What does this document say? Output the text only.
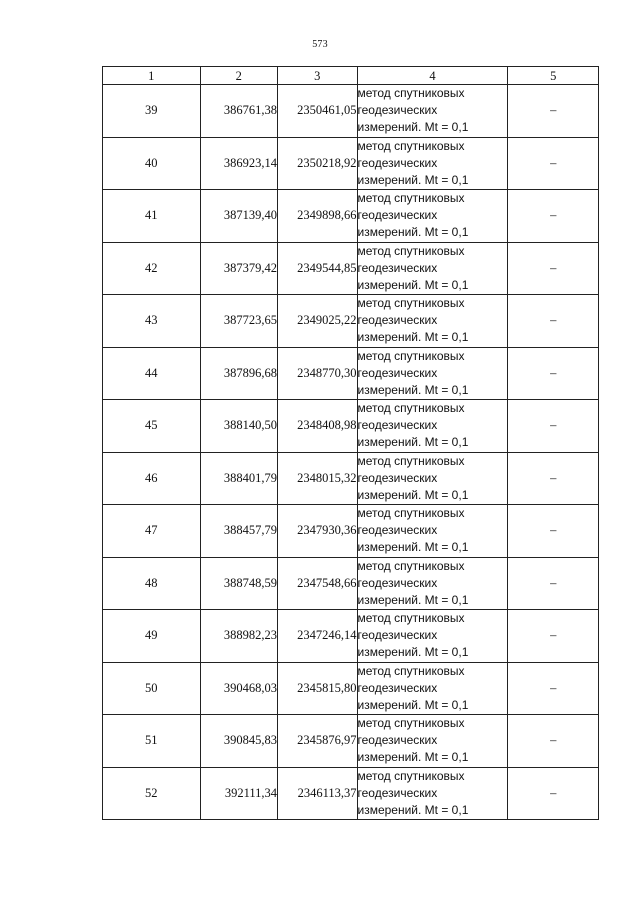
573
1	2	3	4	5
39	386761,38	2350461,05	метод спутниковых
геодезических
измерений. Mt = 0,1	–
40	386923,14	2350218,92	метод спутниковых
геодезических
измерений. Mt = 0,1	–
41	387139,40	2349898,66	метод спутниковых
геодезических
измерений. Mt = 0,1	–
42	387379,42	2349544,85	метод спутниковых
геодезических
измерений. Mt = 0,1	–
43	387723,65	2349025,22	метод спутниковых
геодезических
измерений. Mt = 0,1	–
44	387896,68	2348770,30	метод спутниковых
геодезических
измерений. Mt = 0,1	–
45	388140,50	2348408,98	метод спутниковых
геодезических
измерений. Mt = 0,1	–
46	388401,79	2348015,32	метод спутниковых
геодезических
измерений. Mt = 0,1	–
47	388457,79	2347930,36	метод спутниковых
геодезических
измерений. Mt = 0,1	–
48	388748,59	2347548,66	метод спутниковых
геодезических
измерений. Mt = 0,1	–
49	388982,23	2347246,14	метод спутниковых
геодезических
измерений. Mt = 0,1	–
50	390468,03	2345815,80	метод спутниковых
геодезических
измерений. Mt = 0,1	–
51	390845,83	2345876,97	метод спутниковых
геодезических
измерений. Mt = 0,1	–
52	392111,34	2346113,37	метод спутниковых
геодезических
измерений. Mt = 0,1	–
